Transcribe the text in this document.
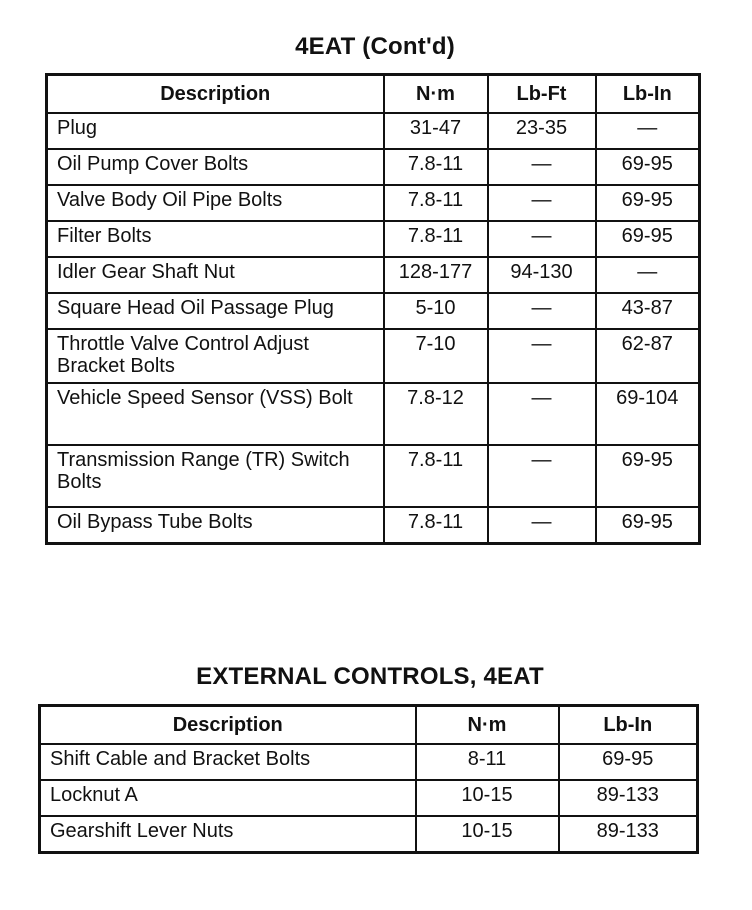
4EAT (Cont'd)
Description	N·m	Lb-Ft	Lb-In
Plug	31-47	23-35	—
Oil Pump Cover Bolts	7.8-11	—	69-95
Valve Body Oil Pipe Bolts	7.8-11	—	69-95
Filter Bolts	7.8-11	—	69-95
Idler Gear Shaft Nut	128-177	94-130	—
Square Head Oil Passage Plug	5-10	—	43-87
Throttle Valve Control Adjust Bracket Bolts	7-10	—	62-87
Vehicle Speed Sensor (VSS) Bolt	7.8-12	—	69-104
Transmission Range (TR) Switch Bolts	7.8-11	—	69-95
Oil Bypass Tube Bolts	7.8-11	—	69-95
EXTERNAL CONTROLS, 4EAT
Description	N·m	Lb-In
Shift Cable and Bracket Bolts	8-11	69-95
Locknut A	10-15	89-133
Gearshift Lever Nuts	10-15	89-133
